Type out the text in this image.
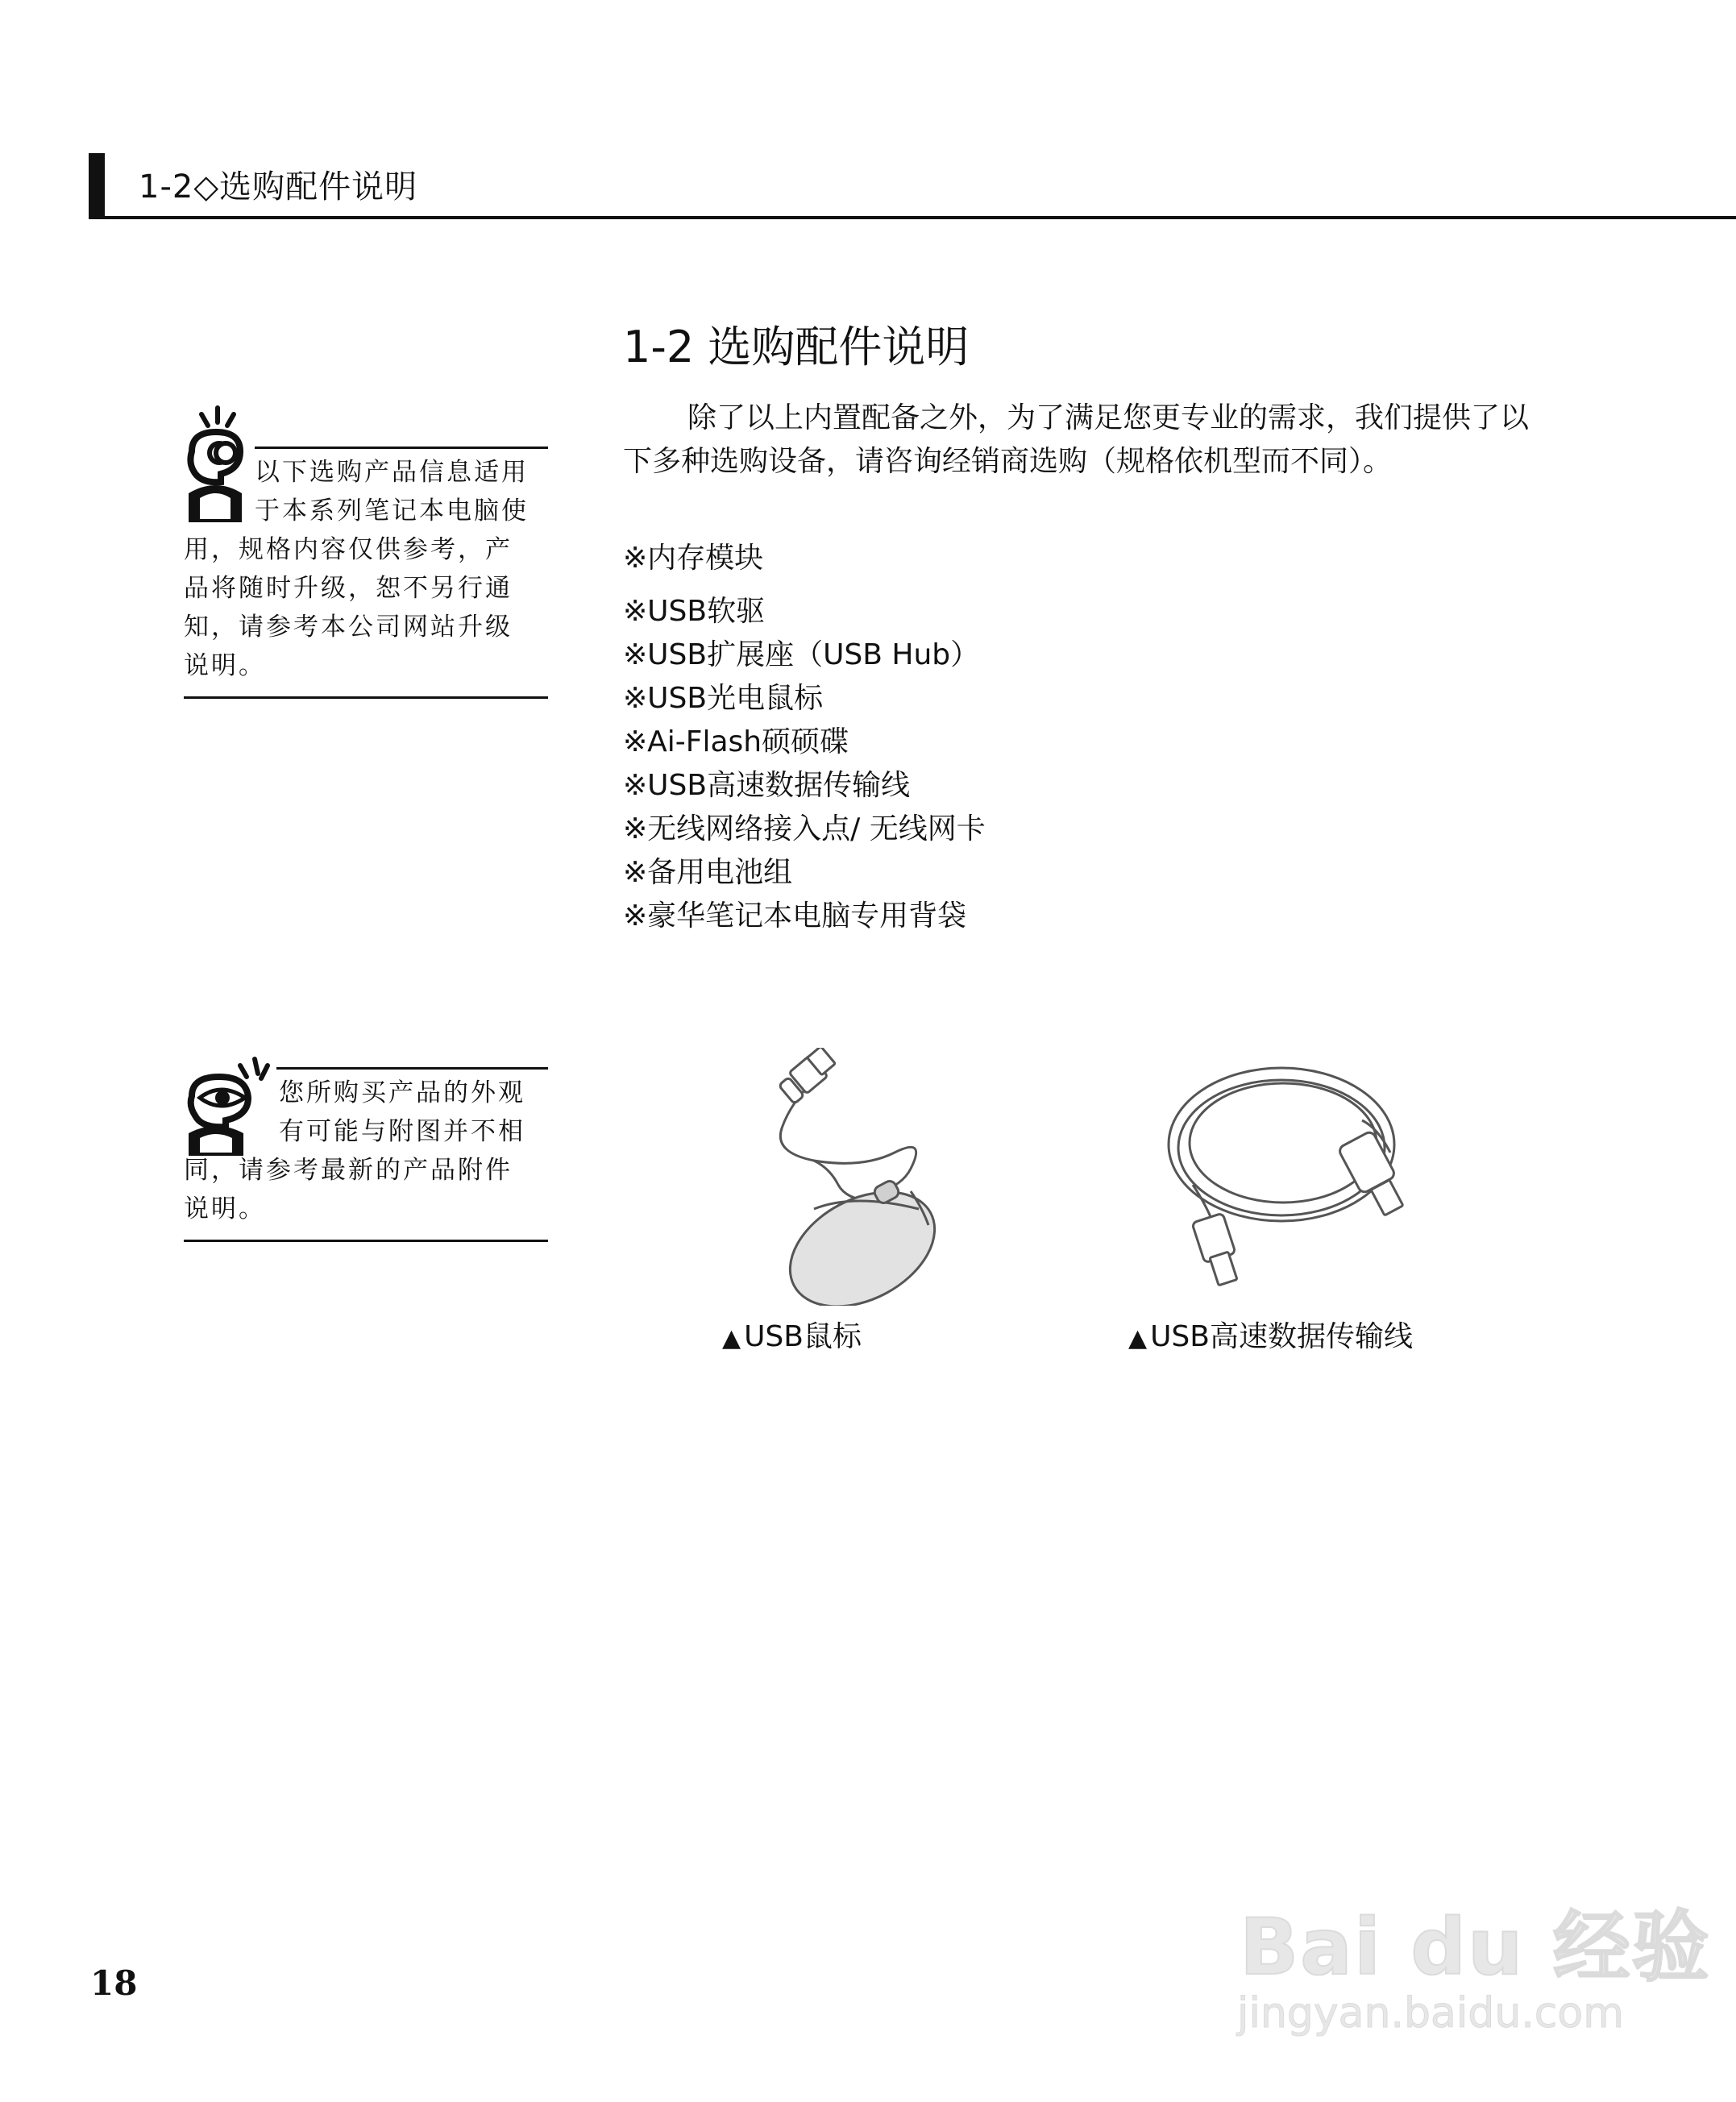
1-2◇选购配件说明
1-2 选购配件说明
除了以上内置配备之外，为了满足您更专业的需求，我们提供了以下多种选购设备，请咨询经销商选购（规格依机型而不同）。
※内存模块
※USB软驱
※USB扩展座（USB Hub）
※USB光电鼠标
※Ai-Flash硕硕碟
※USB高速数据传输线
※无线网络接入点/ 无线网卡
※备用电池组
※豪华笔记本电脑专用背袋
以下选购产品信息适用
于本系列笔记本电脑使
用，规格内容仅供参考，产
品将随时升级，恕不另行通
知，请参考本公司网站升级
说明。
您所购买产品的外观
有可能与附图并不相
同，请参考最新的产品附件
说明。
▲ USB鼠标	▲ USB高速数据传输线
18	Bai du 经验
jingyan.baidu.com
